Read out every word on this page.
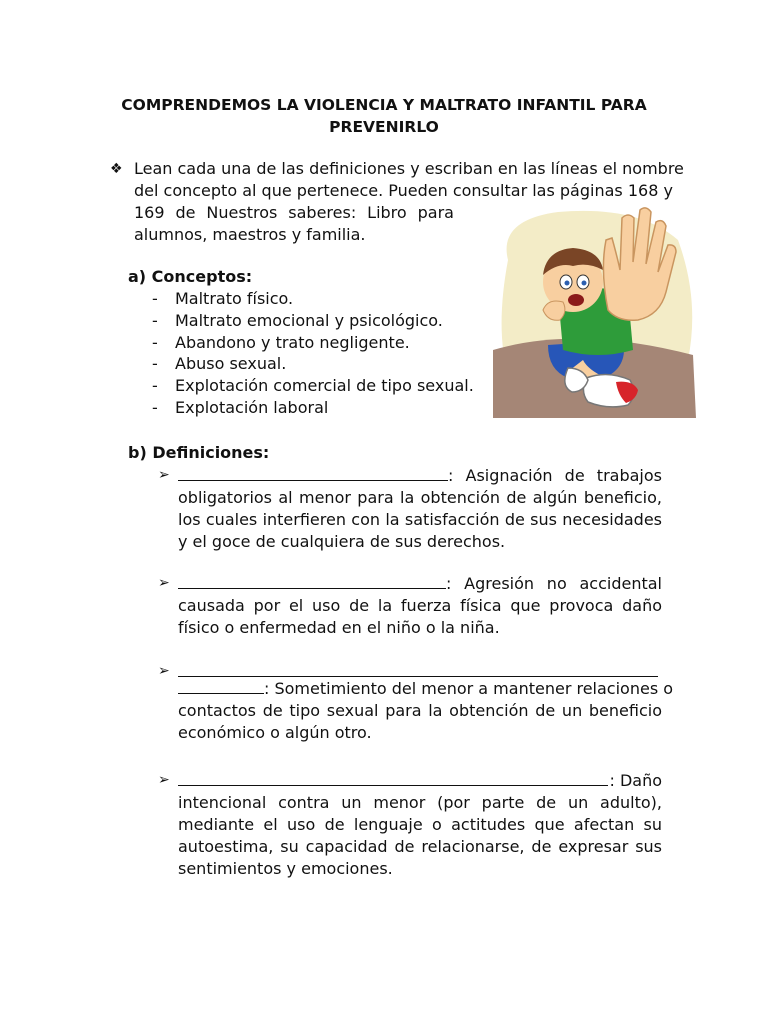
COMPRENDEMOS LA VIOLENCIA Y MALTRATO INFANTIL PARA
PREVENIRLO
❖ Lean cada una de las definiciones y escriban en las líneas el nombre
del concepto al que pertenece. Pueden consultar las páginas 168 y
169 de Nuestros saberes: Libro para
alumnos, maestros y familia.
a) Conceptos:
- Maltrato físico.
- Maltrato emocional y psicológico.
- Abandono y trato negligente.
- Abuso sexual.
- Explotación comercial de tipo sexual.
- Explotación laboral
b) Definiciones:
➢	: Asignación de trabajos
obligatorios al menor para la obtención de algún beneficio, los cuales interfieren con la satisfacción de sus necesidades y el goce de cualquiera de sus derechos.
➢	: Agresión no accidental
causada por el uso de la fuerza física que provoca daño físico o enfermedad en el niño o la niña.
➢
: Sometimiento del menor a mantener relaciones o
contactos de tipo sexual para la obtención de un beneficio económico o algún otro.
➢	: Daño
intencional contra un menor (por parte de un adulto), mediante el uso de lenguaje o actitudes que afectan su autoestima, su capacidad de relacionarse, de expresar sus sentimientos y emociones.
